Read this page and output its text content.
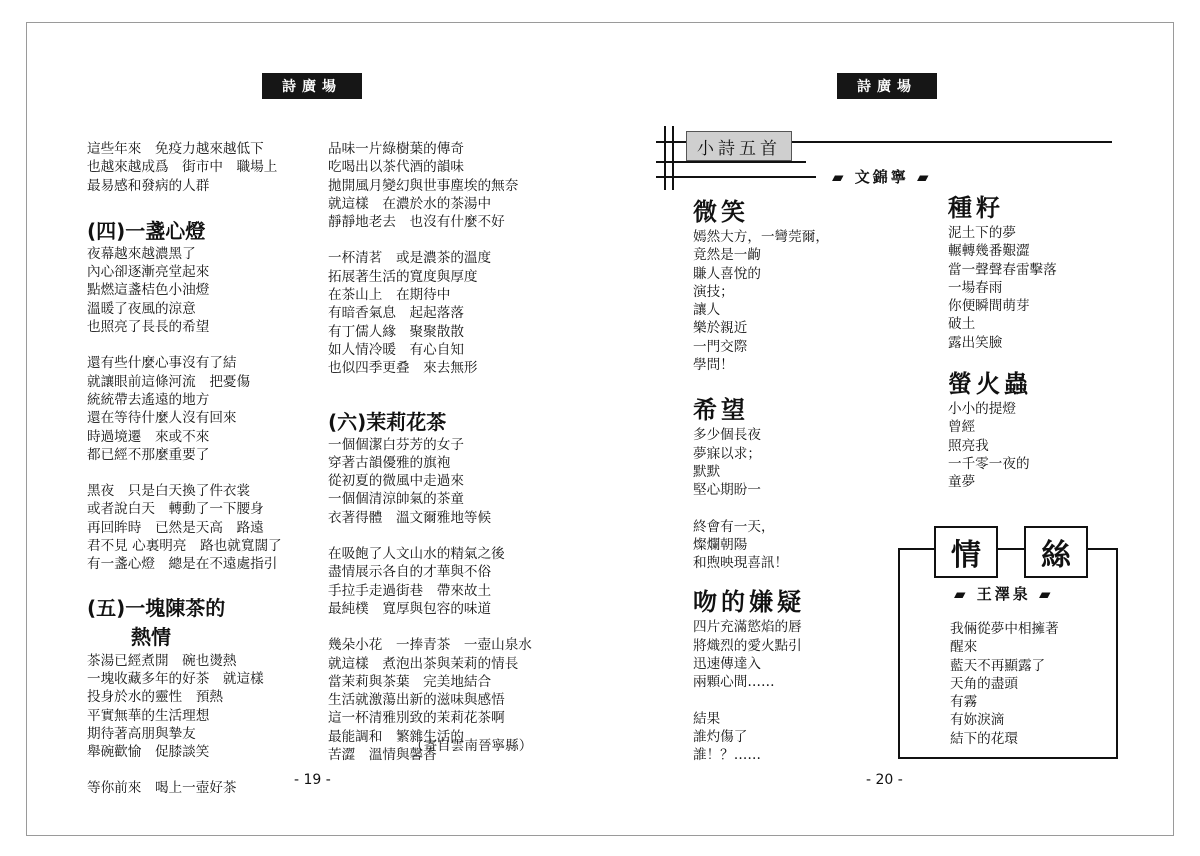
詩廣場
這些年來　免疫力越來越低下
也越來越成爲　街市中　職場上
最易感和發病的人群
(四)一盞心燈
夜幕越來越濃黑了
內心卻逐漸亮堂起來
點燃這盞桔色小油燈
溫暖了夜風的涼意
也照亮了長長的希望
還有些什麼心事沒有了結
就讓眼前這條河流　把憂傷
統統帶去遙遠的地方
還在等待什麼人沒有回來
時過境遷　來或不來
都已經不那麼重要了
黑夜　只是白天換了件衣裳
或者說白天　轉動了一下腰身
再回眸時　已然是天高　路遠
君不見 心裏明亮　路也就寬闊了
有一盞心燈　總是在不遠處指引
(五)一塊陳茶的
熱情
茶湯已經煮開　碗也燙熱
一塊收藏多年的好茶　就這樣
投身於水的靈性　預熱
平實無華的生活理想
期待著高朋與摯友
舉碗歡愉　促膝談笑
等你前來　喝上一壺好茶
品味一片綠樹葉的傳奇
吃喝出以茶代酒的韻味
拋開風月變幻與世事塵埃的無奈
就這樣　在濃於水的茶湯中
靜靜地老去　也沒有什麼不好
一杯清茗　或是濃茶的溫度
拓展著生活的寬度與厚度
在茶山上　在期待中
有暗香氣息　起起落落
有丁儒人緣　聚聚散散
如人情冷暖　有心自知
也似四季更叠　來去無形
(六)茉莉花茶
一個個潔白芬芳的女子
穿著古韻優雅的旗袍
從初夏的微風中走過來
一個個清涼帥氣的茶童
衣著得體　溫文爾雅地等候
在吸飽了人文山水的精氣之後
盡情展示各自的才華與不俗
手拉手走過街巷　帶來故土
最純樸　寬厚與包容的味道
幾朵小花　一捧青茶　一壺山泉水
就這樣　煮泡出茶與茉莉的情長
當茉莉與茶葉　完美地結合
生活就激蕩出新的滋味與感悟
這一杯清雅別致的茉莉花茶啊
最能調和　繁雜生活的
苦澀　溫情與馨香
（寄自雲南晉寧縣）
- 19 -
詩廣場
小詩五首
▰ 文錦寧 ▰
微笑
嫣然大方，一彎莞爾，
竟然是一齣
賺人喜悅的
演技；
讓人
樂於親近
一門交際
學問！
希望
多少個長夜
夢寐以求；
默默
堅心期盼一
終會有一天，
燦爛朝陽
和煦映現喜訊！
吻的嫌疑
四片充滿慾焰的唇
將熾烈的愛火點引
迅速傳達入
兩顆心間……
結果
誰灼傷了
誰！？……
種籽
泥土下的夢
輾轉幾番艱澀
當一聲聲春雷擊落
一場春雨
你便瞬間萌芽
破土
露出笑臉
螢火蟲
小小的提燈
曾經
照亮我
一千零一夜的
童夢
情	絲
▰ 王澤泉 ▰
我倆從夢中相擁著
醒來
藍天不再顯露了
天角的盡頭
有霧
有妳淚滴
結下的花環
- 20 -
